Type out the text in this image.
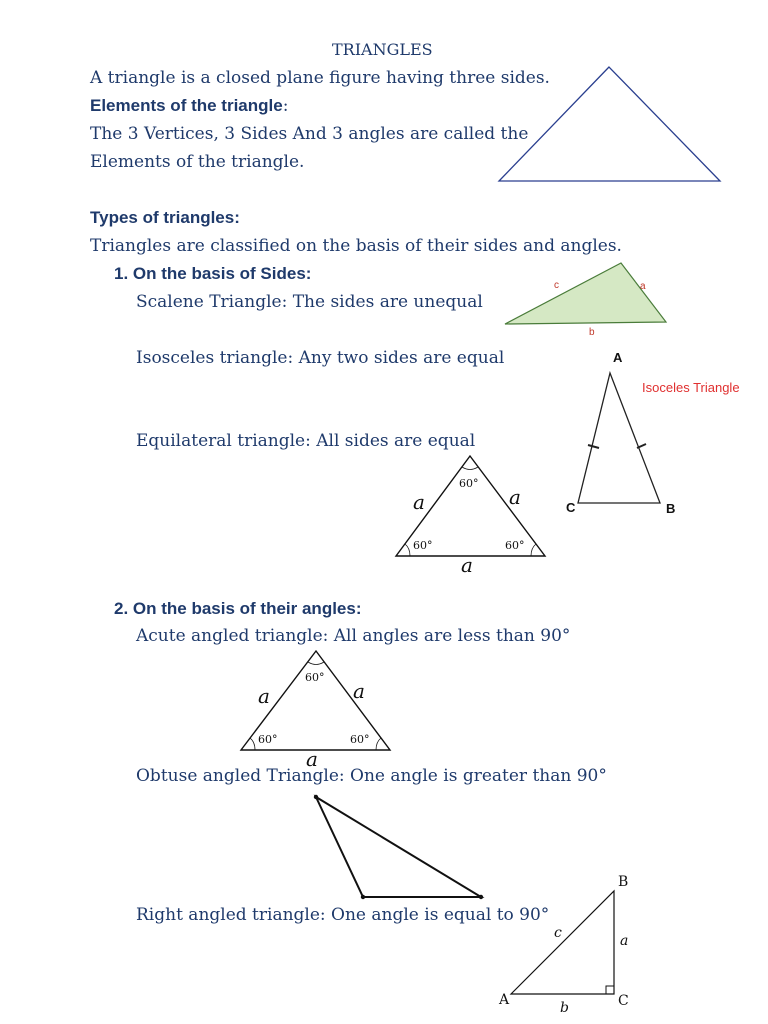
TRIANGLES
A triangle is a closed plane figure having three sides.
Elements of the triangle:
The 3 Vertices, 3 Sides And 3 angles are called the
Elements of the triangle.
Types of triangles:
Triangles are classified on the basis of their sides and angles.
1. On the basis of Sides:
Scalene Triangle: The sides are unequal
Isosceles triangle: Any two sides are equal
Equilateral triangle: All sides are equal
2. On the basis of their angles:
Acute angled triangle: All angles are less than 90°
Obtuse angled Triangle: One angle is greater than 90°
Right angled triangle: One angle is equal to 90°
c	a
b
A
Isoceles Triangle
C	B
60°
60°	60°
a	a
a
60°
60°	60°
a	a
a
B
c	a
A	C
b
